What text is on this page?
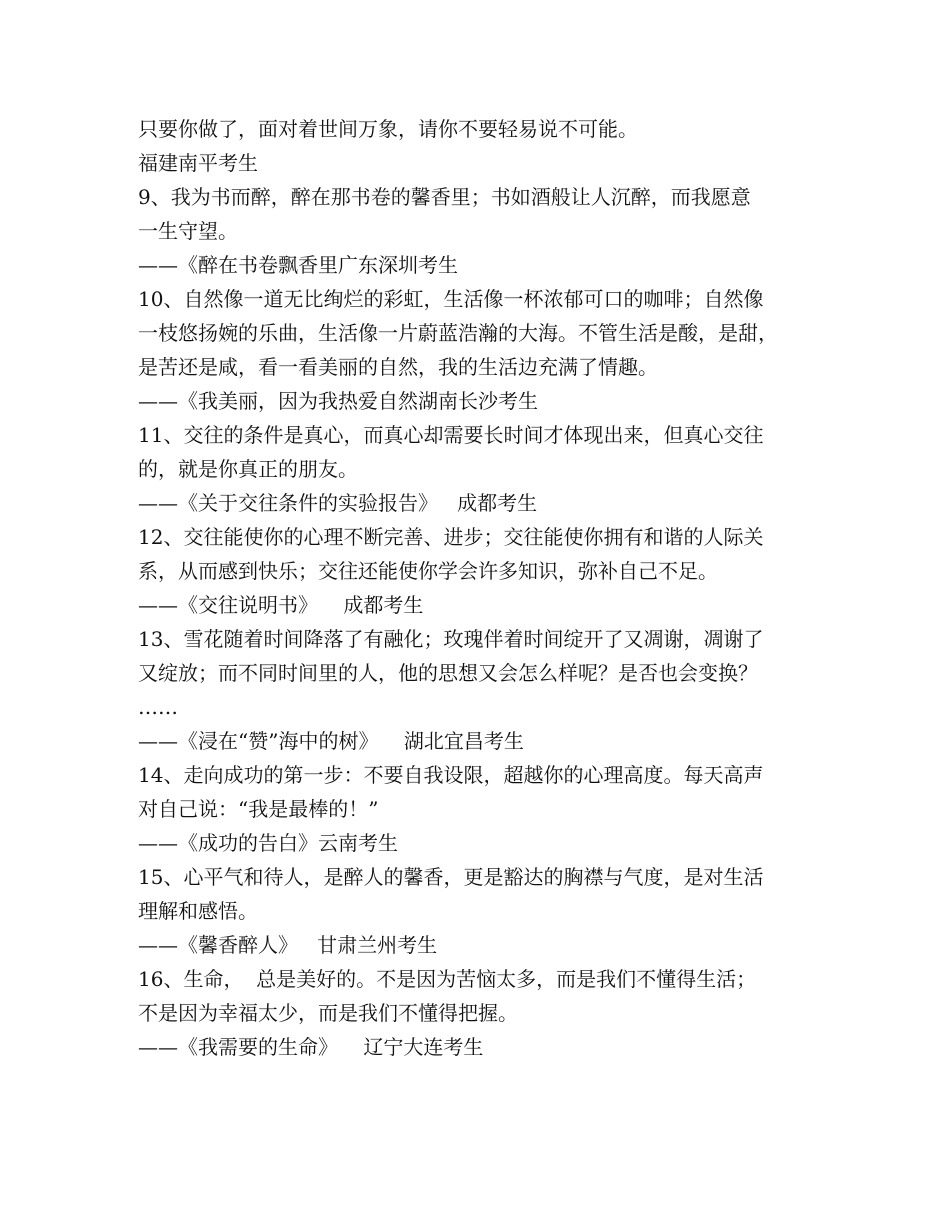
只要你做了，面对着世间万象，请你不要轻易说不可能。
福建南平考生
9、我为书而醉，醉在那书卷的馨香里；书如酒般让人沉醉，而我愿意
一生守望。
——《醉在书卷飘香里广东深圳考生
10、自然像一道无比绚烂的彩虹，生活像一杯浓郁可口的咖啡；自然像
一枝悠扬婉的乐曲，生活像一片蔚蓝浩瀚的大海。不管生活是酸，是甜，
是苦还是咸，看一看美丽的自然，我的生活边充满了情趣。
——《我美丽，因为我热爱自然湖南长沙考生
11、交往的条件是真心，而真心却需要长时间才体现出来，但真心交往
的，就是你真正的朋友。
——《关于交往条件的实验报告》   成都考生
12、交往能使你的心理不断完善、进步；交往能使你拥有和谐的人际关
系，从而感到快乐；交往还能使你学会许多知识，弥补自己不足。
——《交往说明书》    成都考生
13、雪花随着时间降落了有融化；玫瑰伴着时间绽开了又凋谢，凋谢了
又绽放；而不同时间里的人，他的思想又会怎么样呢？是否也会变换？
……
——《浸在“赞”海中的树》    湖北宜昌考生
14、走向成功的第一步：不要自我设限，超越你的心理高度。每天高声
对自己说：“我是最棒的！”
——《成功的告白》云南考生
15、心平气和待人，是醉人的馨香，更是豁达的胸襟与气度，是对生活
理解和感悟。
——《馨香醉人》   甘肃兰州考生
16、生命，  总是美好的。不是因为苦恼太多，而是我们不懂得生活；
不是因为幸福太少，而是我们不懂得把握。
——《我需要的生命》    辽宁大连考生
